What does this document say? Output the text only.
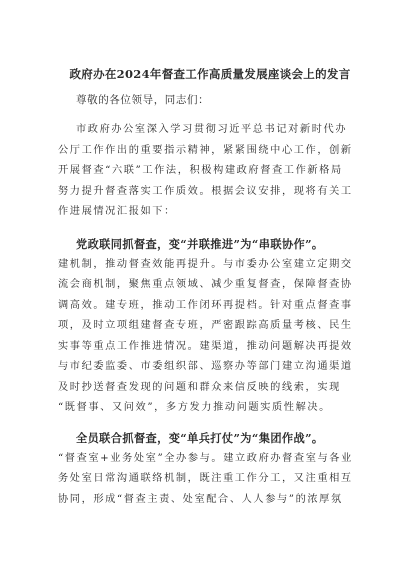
政府办在2024年督查工作高质量发展座谈会上的发言
尊敬的各位领导，同志们：
市政府办公室深入学习贯彻习近平总书记对新时代办
公厅工作作出的重要指示精神，紧紧围绕中心工作，创新
开展督查“六联”工作法，积极构建政府督查工作新格局
努力提升督查落实工作质效。根据会议安排，现将有关工
作进展情况汇报如下：
党政联同抓督查，变“并联推进”为“串联协作”。
建机制，推动督查效能再提升。与市委办公室建立定期交
流会商机制，聚焦重点领域、减少重复督查，保障督查协
调高效。建专班，推动工作闭环再提档。针对重点督查事
项，及时立项组建督查专班，严密跟踪高质量考核、民生
实事等重点工作推进情况。建渠道，推动问题解决再提效
与市纪委监委、市委组织部、巡察办等部门建立沟通渠道
及时抄送督查发现的问题和群众来信反映的线索，实现
“既督事、又问效”，多方发力推动问题实质性解决。
全员联合抓督查，变“单兵打仗”为“集团作战”。
“督查室+业务处室”全办参与。建立政府办督查室与各业
务处室日常沟通联络机制，既注重工作分工，又注重相互
协同，形成“督查主责、处室配合、人人参与”的浓厚氛
